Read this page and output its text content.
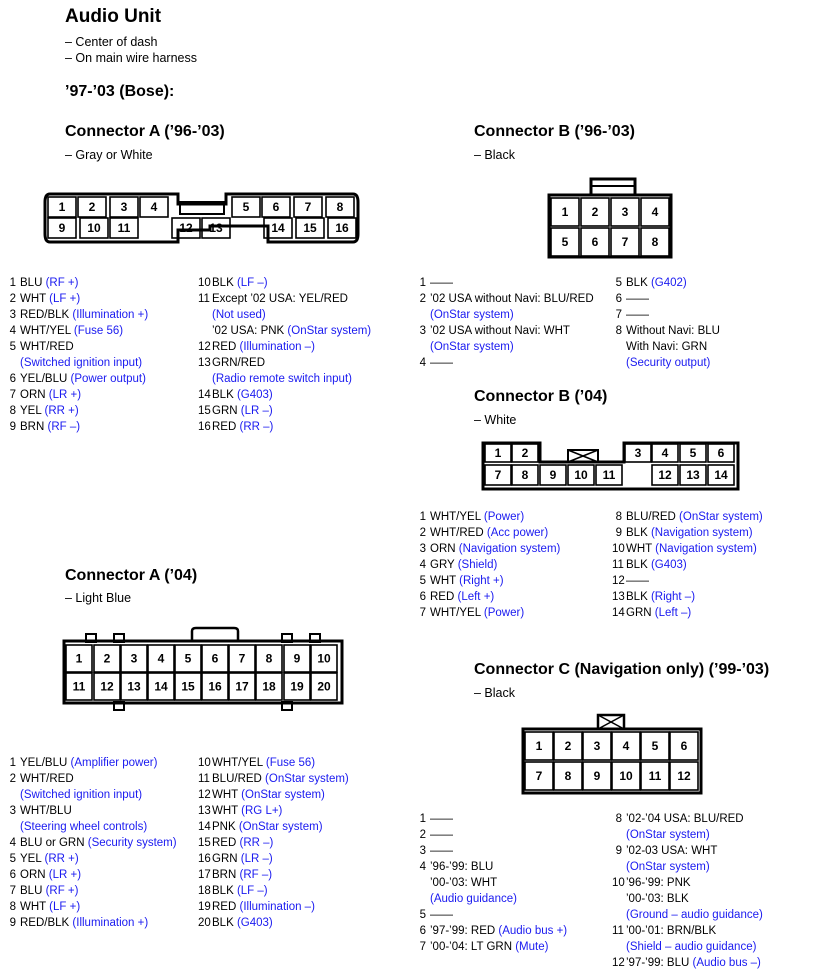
Audio Unit
– Center of dash
– On main wire harness
’97-’03 (Bose):
Connector A (’96-’03)
– Gray or White
1 2 3 4	5 6 7 8
9 10 11	12 13	14 15 16
Connector B (’96-’03)
– Black
1 2 3 4
5 6 7 8
Connector B (’04)
– White
1 2	3 4 5 6
7 8 9 10 11	12 13 14
Connector A (’04)
– Light Blue
1 2 3 4 5 6 7 8 9 10
11 12 13 14 15 16 17 18 19 20
Connector C (Navigation only) (’99-’03)
– Black
1 2 3 4 5 6
7 8 9 10 11 12
1 BLU (RF +)
2 WHT (LF +)
3 RED/BLK (Illumination +)
4 WHT/YEL (Fuse 56)
5 WHT/RED
(Switched ignition input)
6 YEL/BLU (Power output)
7 ORN (LR +)
8 YEL (RR +)
9 BRN (RF –)
10 BLK (LF –)
11 Except ’02 USA: YEL/RED
(Not used)
’02 USA: PNK (OnStar system)
12 RED (Illumination –)
13 GRN/RED
(Radio remote switch input)
14 BLK (G403)
15 GRN (LR –)
16 RED (RR –)
1 ——
2 ’02 USA without Navi: BLU/RED
(OnStar system)
3 ’02 USA without Navi: WHT
(OnStar system)
4 ——
5 BLK (G402)
6 ——
7 ——
8 Without Navi: BLU
With Navi: GRN
(Security output)
1 WHT/YEL (Power)
2 WHT/RED (Acc power)
3 ORN (Navigation system)
4 GRY (Shield)
5 WHT (Right +)
6 RED (Left +)
7 WHT/YEL (Power)
8 BLU/RED (OnStar system)
9 BLK (Navigation system)
10 WHT (Navigation system)
11 BLK (G403)
12 ——
13 BLK (Right –)
14 GRN (Left –)
1 YEL/BLU (Amplifier power)
2 WHT/RED
(Switched ignition input)
3 WHT/BLU
(Steering wheel controls)
4 BLU or GRN (Security system)
5 YEL (RR +)
6 ORN (LR +)
7 BLU (RF +)
8 WHT (LF +)
9 RED/BLK (Illumination +)
10 WHT/YEL (Fuse 56)
11 BLU/RED (OnStar system)
12 WHT (OnStar system)
13 WHT (RG L+)
14 PNK (OnStar system)
15 RED (RR –)
16 GRN (LR –)
17 BRN (RF –)
18 BLK (LF –)
19 RED (Illumination –)
20 BLK (G403)
1 ——
2 ——
3 ——
4 ’96-’99: BLU
’00-’03: WHT
(Audio guidance)
5 ——
6 ’97-’99: RED (Audio bus +)
7 ’00-’04: LT GRN (Mute)
8 ’02-’04 USA: BLU/RED
(OnStar system)
9 ’02-03 USA: WHT
(OnStar system)
10 ’96-’99: PNK
’00-’03: BLK
(Ground – audio guidance)
11 ’00-’01: BRN/BLK
(Shield – audio guidance)
12 ’97-’99: BLU (Audio bus –)
